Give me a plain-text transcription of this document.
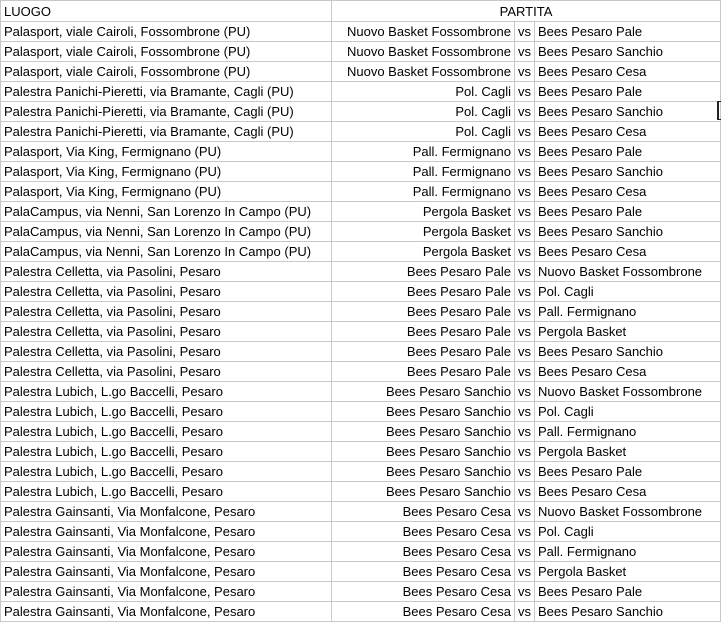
LUOGO	PARTITA		
Palasport, viale Cairoli, Fossombrone (PU)	Nuovo Basket Fossombrone	vs	Bees Pesaro Pale
Palasport, viale Cairoli, Fossombrone (PU)	Nuovo Basket Fossombrone	vs	Bees Pesaro Sanchio
Palasport, viale Cairoli, Fossombrone (PU)	Nuovo Basket Fossombrone	vs	Bees Pesaro Cesa
Palestra Panichi-Pieretti, via Bramante, Cagli (PU)	Pol. Cagli	vs	Bees Pesaro Pale
Palestra Panichi-Pieretti, via Bramante, Cagli (PU)	Pol. Cagli	vs	Bees Pesaro Sanchio
Palestra Panichi-Pieretti, via Bramante, Cagli (PU)	Pol. Cagli	vs	Bees Pesaro Cesa
Palasport, Via King, Fermignano (PU)	Pall. Fermignano	vs	Bees Pesaro Pale
Palasport, Via King, Fermignano (PU)	Pall. Fermignano	vs	Bees Pesaro Sanchio
Palasport, Via King, Fermignano (PU)	Pall. Fermignano	vs	Bees Pesaro Cesa
PalaCampus, via Nenni, San Lorenzo In Campo (PU)	Pergola Basket	vs	Bees Pesaro Pale
PalaCampus, via Nenni, San Lorenzo In Campo (PU)	Pergola Basket	vs	Bees Pesaro Sanchio
PalaCampus, via Nenni, San Lorenzo In Campo (PU)	Pergola Basket	vs	Bees Pesaro Cesa
Palestra Celletta, via Pasolini, Pesaro	Bees Pesaro Pale	vs	Nuovo Basket Fossombrone
Palestra Celletta, via Pasolini, Pesaro	Bees Pesaro Pale	vs	Pol. Cagli
Palestra Celletta, via Pasolini, Pesaro	Bees Pesaro Pale	vs	Pall. Fermignano
Palestra Celletta, via Pasolini, Pesaro	Bees Pesaro Pale	vs	Pergola Basket
Palestra Celletta, via Pasolini, Pesaro	Bees Pesaro Pale	vs	Bees Pesaro Sanchio
Palestra Celletta, via Pasolini, Pesaro	Bees Pesaro Pale	vs	Bees Pesaro Cesa
Palestra Lubich, L.go Baccelli, Pesaro	Bees Pesaro Sanchio	vs	Nuovo Basket Fossombrone
Palestra Lubich, L.go Baccelli, Pesaro	Bees Pesaro Sanchio	vs	Pol. Cagli
Palestra Lubich, L.go Baccelli, Pesaro	Bees Pesaro Sanchio	vs	Pall. Fermignano
Palestra Lubich, L.go Baccelli, Pesaro	Bees Pesaro Sanchio	vs	Pergola Basket
Palestra Lubich, L.go Baccelli, Pesaro	Bees Pesaro Sanchio	vs	Bees Pesaro Pale
Palestra Lubich, L.go Baccelli, Pesaro	Bees Pesaro Sanchio	vs	Bees Pesaro Cesa
Palestra Gainsanti, Via Monfalcone, Pesaro	Bees Pesaro Cesa	vs	Nuovo Basket Fossombrone
Palestra Gainsanti, Via Monfalcone, Pesaro	Bees Pesaro Cesa	vs	Pol. Cagli
Palestra Gainsanti, Via Monfalcone, Pesaro	Bees Pesaro Cesa	vs	Pall. Fermignano
Palestra Gainsanti, Via Monfalcone, Pesaro	Bees Pesaro Cesa	vs	Pergola Basket
Palestra Gainsanti, Via Monfalcone, Pesaro	Bees Pesaro Cesa	vs	Bees Pesaro Pale
Palestra Gainsanti, Via Monfalcone, Pesaro	Bees Pesaro Cesa	vs	Bees Pesaro Sanchio
